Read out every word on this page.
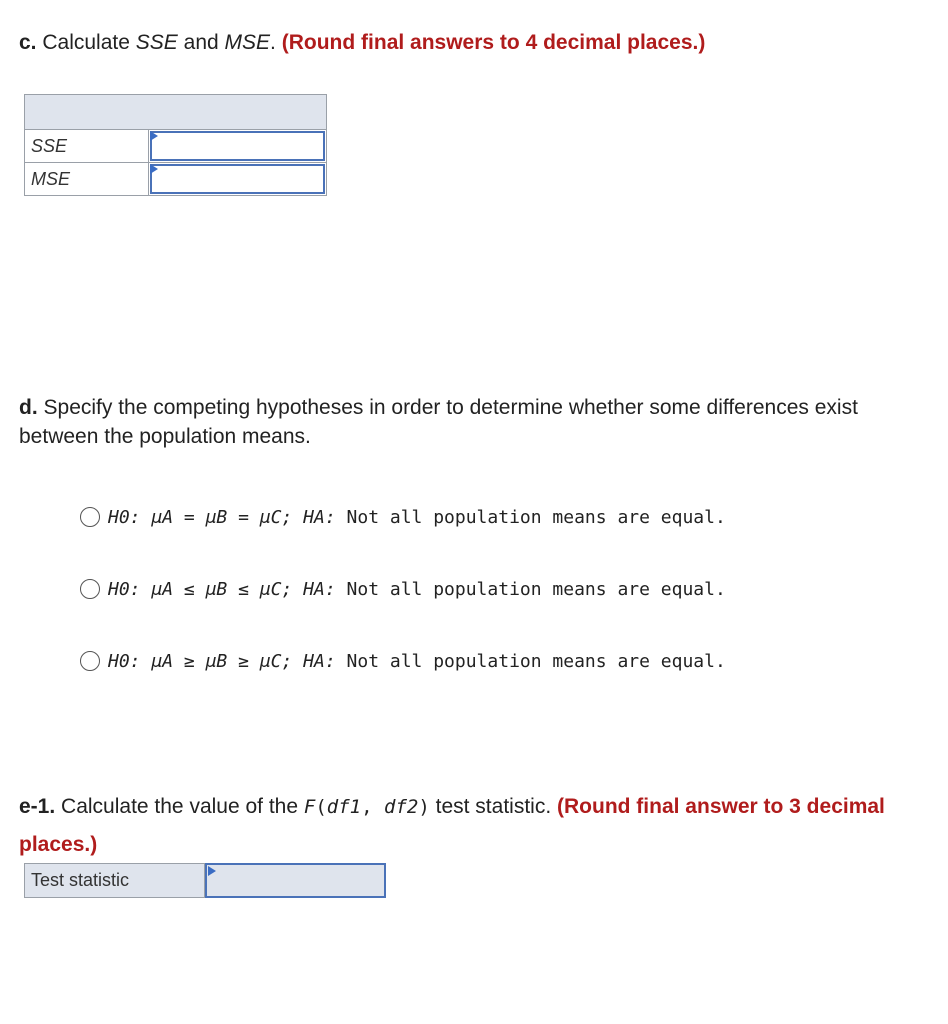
c. Calculate SSE and MSE. (Round final answers to 4 decimal places.)

SSE	

MSE	
d. Specify the competing hypotheses in order to determine whether some differences exist between the population means.
H0: μA = μB = μC; HA: Not all population means are equal.
H0: μA ≤ μB ≤ μC; HA: Not all population means are equal.
H0: μA ≥ μB ≥ μC; HA: Not all population means are equal.
e-1. Calculate the value of the F(df1, df2) test statistic. (Round final answer to 3 decimal places.)
Test statistic
